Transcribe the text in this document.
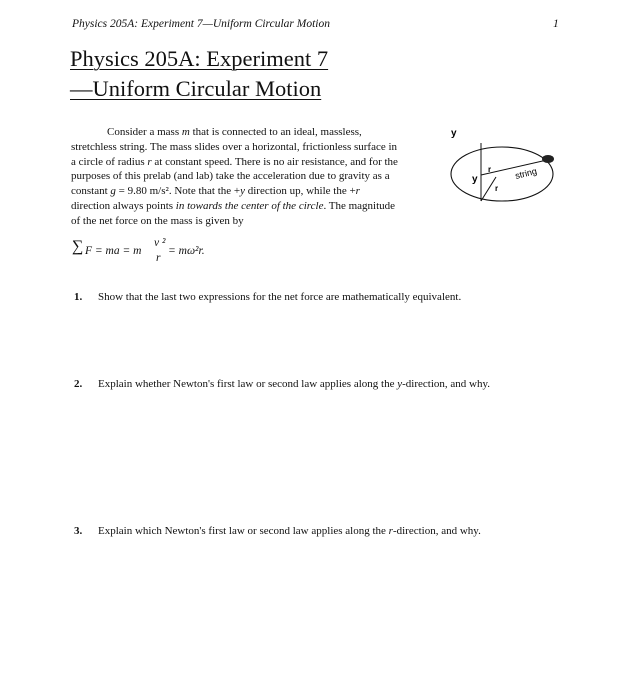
Physics 205A: Experiment 7—Uniform Circular Motion	1
Physics 205A: Experiment 7
—Uniform Circular Motion
Consider a mass m that is connected to an ideal, massless,
stretchless string. The mass slides over a horizontal, frictionless surface in
a circle of radius r at constant speed. There is no air resistance, and for the
purposes of this prelab (and lab) take the acceleration due to gravity as a
constant g = 9.80 m/s². Note that the +y direction up, while the +r
direction always points in towards the center of the circle. The magnitude
of the net force on the mass is given by
y
y
r
r
string
∑ F = ma = m
v ²
r
= mω²r.
1. Show that the last two expressions for the net force are mathematically equivalent.
2. Explain whether Newton's first law or second law applies along the y-direction, and why.
3. Explain which Newton's first law or second law applies along the r-direction, and why.
